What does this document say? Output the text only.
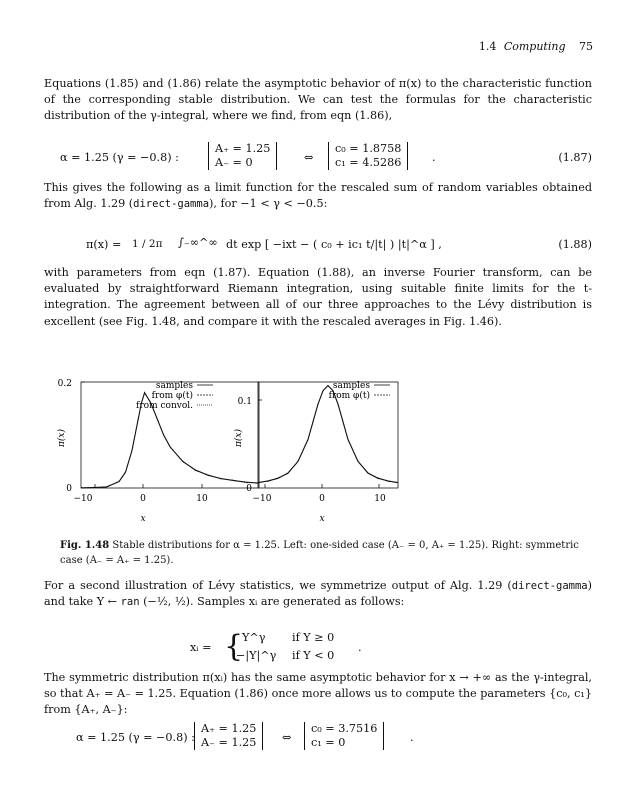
1.4 Computing 75

Equations (1.85) and (1.86) relate the asymptotic behavior of π(x) to the characteristic function of the corresponding stable distribution. We can test the formulas for the characteristic distribution of the γ-integral, where we find, from eqn (1.86),

α = 1.25 (γ = −0.8) :
A₊ = 1.25
A₋ = 0	⇔
c₀ = 1.8758
c₁ = 4.5286	.	(1.87)

This gives the following as a limit function for the rescaled sum of random variables obtained from Alg. 1.29 (direct-gamma), for −1 < γ < −0.5:

π(x) = 1 / 2π ∫₋∞^∞ dt exp [ −ixt − ( c₀ + ic₁ t/|t| ) |t|^α ] ,	(1.88)

with parameters from eqn (1.87). Equation (1.88), an inverse Fourier transform, can be evaluated by straightforward Riemann integration, using suitable finite limits for the t-integration. The agreement between all of our three approaches to the Lévy distribution is excellent (see Fig. 1.48, and compare it with the rescaled averages in Fig. 1.46).

0.2
0
−10	0	10
x
π(x)
samples
from φ(t)
from convol.	0.1
0
−10	0	10
x
π(x)
samples
from φ(t)
Fig. 1.48 Stable distributions for α = 1.25. Left: one-sided case (A₋ = 0, A₊ = 1.25). Right: symmetric case (A₋ = A₊ = 1.25).

For a second illustration of Lévy statistics, we symmetrize output of Alg. 1.29 (direct-gamma) and take Υ ← ran (−½, ½). Samples xᵢ are generated as follows:

xᵢ = {
Υ^γ if Υ ≥ 0
−|Υ|^γ if Υ < 0
.

The symmetric distribution π(xᵢ) has the same asymptotic behavior for x → +∞ as the γ-integral, so that A₊ = A₋ = 1.25. Equation (1.86) once more allows us to compute the parameters {c₀, c₁} from {A₊, A₋}:

α = 1.25 (γ = −0.8) :
A₊ = 1.25
A₋ = 1.25 ⇔
c₀ = 3.7516
c₁ = 0	.
